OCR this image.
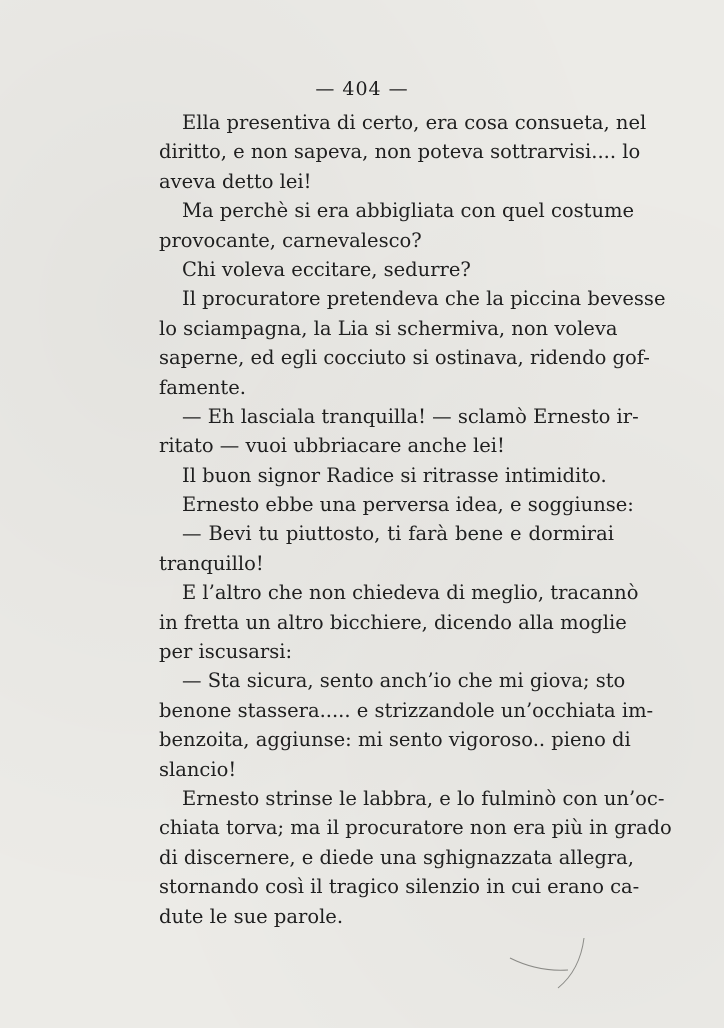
— 404 —
Ella presentiva di certo, era cosa consueta, nel
diritto, e non sapeva, non poteva sottrarvisi.... lo
aveva detto lei!
Ma perchè si era abbigliata con quel costume
provocante, carnevalesco?
Chi voleva eccitare, sedurre?
Il procuratore pretendeva che la piccina bevesse
lo sciampagna, la Lia si schermiva, non voleva
saperne, ed egli cocciuto si ostinava, ridendo gof-
famente.
— Eh lasciala tranquilla! — sclamò Ernesto ir-
ritato — vuoi ubbriacare anche lei!
Il buon signor Radice si ritrasse intimidito.
Ernesto ebbe una perversa idea, e soggiunse:
— Bevi tu piuttosto, ti farà bene e dormirai
tranquillo!
E l’altro che non chiedeva di meglio, tracannò
in fretta un altro bicchiere, dicendo alla moglie
per iscusarsi:
— Sta sicura, sento anch’io che mi giova; sto
benone stassera..... e strizzandole un’occhiata im-
benzoita, aggiunse: mi sento vigoroso.. pieno di
slancio!
Ernesto strinse le labbra, e lo fulminò con un’oc-
chiata torva; ma il procuratore non era più in grado
di discernere, e diede una sghignazzata allegra,
stornando così il tragico silenzio in cui erano ca-
dute le sue parole.
